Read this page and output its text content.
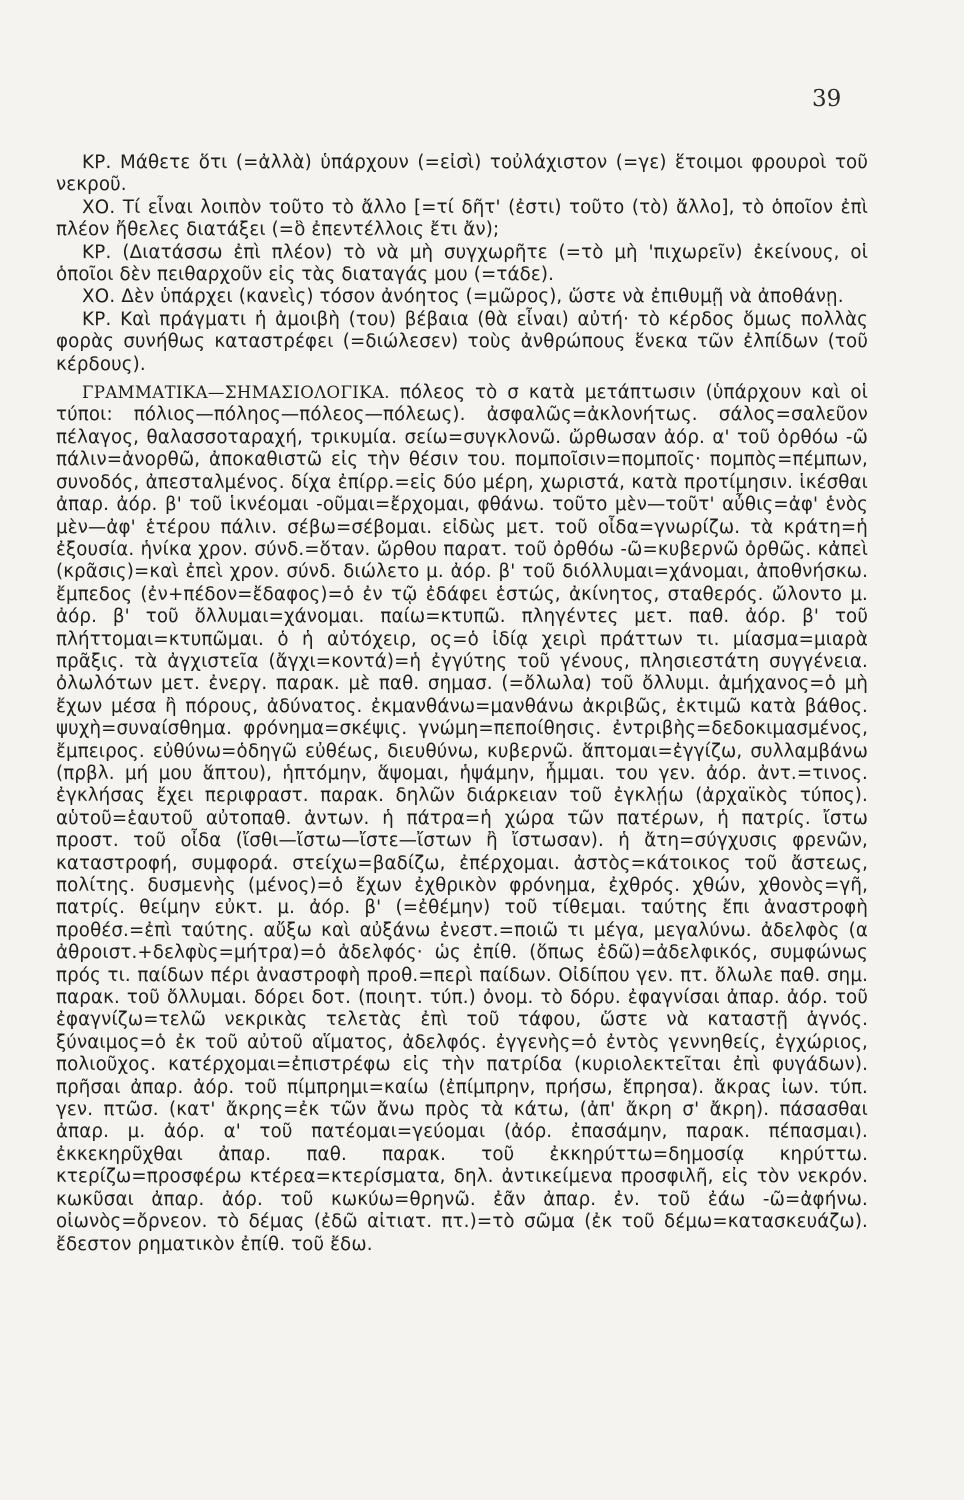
39

ΚΡ. Μάθετε ὅτι (=ἀλλὰ) ὑπάρχουν (=εἰσὶ) τοὐλάχιστον (=γε) ἕτοιμοι φρουροὶ τοῦ νεκροῦ.

ΧΟ. Τί εἶναι λοιπὸν τοῦτο τὸ ἄλλο [=τί δῆτ' (ἐστι) τοῦτο (τὸ) ἄλλο], τὸ ὁποῖον ἐπὶ πλέον ἤθελες διατάξει (=ὃ ἐπεντέλλοις ἔτι ἄν);

ΚΡ. (Διατάσσω ἐπὶ πλέον) τὸ νὰ μὴ συγχωρῆτε (=τὸ μὴ 'πιχωρεῖν) ἐκείνους, οἱ ὁποῖοι δὲν πειθαρχοῦν εἰς τὰς διαταγάς μου (=τάδε).

ΧΟ. Δὲν ὑπάρχει (κανεὶς) τόσον ἀνόητος (=μῶρος), ὥστε νὰ ἐπιθυμῇ νὰ ἀποθάνῃ.

ΚΡ. Καὶ πράγματι ἡ ἀμοιβὴ (του) βέβαια (θὰ εἶναι) αὐτή· τὸ κέρδος ὅμως πολλὰς φορὰς συνήθως καταστρέφει (=διώλεσεν) τοὺς ἀνθρώπους ἕνεκα τῶν ἐλπίδων (τοῦ κέρδους).

ΓΡΑΜΜΑΤΙΚΑ—ΣΗΜΑΣΙΟΛΟΓΙΚΑ. πόλεος τὸ σ κατὰ μετάπτωσιν (ὑπάρχουν καὶ οἱ τύποι: πόλιος—πόληος—πόλεος—πόλεως). ἀσφαλῶς=ἀκλονήτως. σάλος=σαλεῦον πέλαγος, θαλασσοταραχή, τρικυμία. σείω=συγκλονῶ. ὤρθωσαν ἀόρ. α' τοῦ ὀρθόω -ῶ πάλιν=ἀνορθῶ, ἀποκαθιστῶ εἰς τὴν θέσιν του. πομποῖσιν=πομποῖς· πομπὸς=πέμπων, συνοδός, ἀπεσταλμένος. δίχα ἐπίρρ.=εἰς δύο μέρη, χωριστά, κατὰ προτίμησιν. ἱκέσθαι ἀπαρ. ἀόρ. β' τοῦ ἱκνέομαι -οῦμαι=ἔρχομαι, φθάνω. τοῦτο μὲν—τοῦτ' αὖθις=ἀφ' ἑνὸς μὲν—ἀφ' ἑτέρου πάλιν. σέβω=σέβομαι. εἰδὼς μετ. τοῦ οἶδα=γνωρίζω. τὰ κράτη=ἡ ἐξουσία. ἡνίκα χρον. σύνδ.=ὅταν. ὤρθου παρατ. τοῦ ὀρθόω -ῶ=κυβερνῶ ὀρθῶς. κἀπεὶ (κρᾶσις)=καὶ ἐπεὶ χρον. σύνδ. διώλετο μ. ἀόρ. β' τοῦ διόλλυμαι=χάνομαι, ἀποθνήσκω. ἔμπεδος (ἐν+πέδον=ἔδαφος)=ὁ ἐν τῷ ἐδάφει ἑστώς, ἀκίνητος, σταθερός. ὤλοντο μ. ἀόρ. β' τοῦ ὄλλυμαι=χάνομαι. παίω=κτυπῶ. πληγέντες μετ. παθ. ἀόρ. β' τοῦ πλήττομαι=κτυπῶμαι. ὁ ἡ αὐτόχειρ, ος=ὁ ἰδίᾳ χειρὶ πράττων τι. μίασμα=μιαρὰ πρᾶξις. τὰ ἀγχιστεῖα (ἄγχι=κοντά)=ἡ ἐγγύτης τοῦ γένους, πλησιεστάτη συγγένεια. ὀλωλότων μετ. ἐνεργ. παρακ. μὲ παθ. σημασ. (=ὄλωλα) τοῦ ὄλλυμι. ἀμήχανος=ὁ μὴ ἔχων μέσα ἢ πόρους, ἀδύνατος. ἐκμανθάνω=μανθάνω ἀκριβῶς, ἐκτιμῶ κατὰ βάθος. ψυχὴ=συναίσθημα. φρόνημα=σκέψις. γνώμη=πεποίθησις. ἐντριβὴς=δεδοκιμασμένος, ἔμπειρος. εὐθύνω=ὁδηγῶ εὐθέως, διευθύνω, κυβερνῶ. ἅπτομαι=ἐγγίζω, συλλαμβάνω (πρβλ. μή μου ἅπτου), ἡπτόμην, ἅψομαι, ἡψάμην, ἧμμαι. του γεν. ἀόρ. ἀντ.=τινος. ἐγκλήσας ἔχει περιφραστ. παρακ. δηλῶν διάρκειαν τοῦ ἐγκλῄω (ἀρχαϊκὸς τύπος). αὑτοῦ=ἑαυτοῦ αὐτοπαθ. ἀντων. ἡ πάτρα=ἡ χώρα τῶν πατέρων, ἡ πατρίς. ἴστω προστ. τοῦ οἶδα (ἴσθι—ἴστω—ἴστε—ἴστων ἢ ἴστωσαν). ἡ ἄτη=σύγχυσις φρενῶν, καταστροφή, συμφορά. στείχω=βαδίζω, ἐπέρχομαι. ἀστὸς=κάτοικος τοῦ ἄστεως, πολίτης. δυσμενὴς (μένος)=ὁ ἔχων ἐχθρικὸν φρόνημα, ἐχθρός. χθών, χθονὸς=γῆ, πατρίς. θείμην εὐκτ. μ. ἀόρ. β' (=ἐθέμην) τοῦ τίθεμαι. ταύτης ἔπι ἀναστροφὴ προθέσ.=ἐπὶ ταύτης. αὔξω καὶ αὐξάνω ἐνεστ.=ποιῶ τι μέγα, μεγαλύνω. ἀδελφὸς (α ἀθροιστ.+δελφὺς=μήτρα)=ὁ ἀδελφός· ὡς ἐπίθ. (ὅπως ἐδῶ)=ἀδελφικός, συμφώνως πρός τι. παίδων πέρι ἀναστροφὴ προθ.=περὶ παίδων. Οἰδίπου γεν. πτ. ὄλωλε παθ. σημ. παρακ. τοῦ ὄλλυμαι. δόρει δοτ. (ποιητ. τύπ.) ὀνομ. τὸ δόρυ. ἐφαγνίσαι ἀπαρ. ἀόρ. τοῦ ἐφαγνίζω=τελῶ νεκρικὰς τελετὰς ἐπὶ τοῦ τάφου, ὥστε νὰ καταστῇ ἁγνός. ξύναιμος=ὁ ἐκ τοῦ αὐτοῦ αἵματος, ἀδελφός. ἐγγενὴς=ὁ ἐντὸς γεννηθείς, ἐγχώριος, πολιοῦχος. κατέρχομαι=ἐπιστρέφω εἰς τὴν πατρίδα (κυριολεκτεῖται ἐπὶ φυγάδων). πρῆσαι ἀπαρ. ἀόρ. τοῦ πίμπρημι=καίω (ἐπίμπρην, πρήσω, ἔπρησα). ἄκρας ἰων. τύπ. γεν. πτῶσ. (κατ' ἄκρης=ἐκ τῶν ἄνω πρὸς τὰ κάτω, (ἀπ' ἄκρη σ' ἄκρη). πάσασθαι ἀπαρ. μ. ἀόρ. α' τοῦ πατέομαι=γεύομαι (ἀόρ. ἐπασάμην, παρακ. πέπασμαι). ἐκκεκηρῦχθαι ἀπαρ. παθ. παρακ. τοῦ ἐκκηρύττω=δημοσίᾳ κηρύττω. κτερίζω=προσφέρω κτέρεα=κτερίσματα, δηλ. ἀντικείμενα προσφιλῆ, εἰς τὸν νεκρόν. κωκῦσαι ἀπαρ. ἀόρ. τοῦ κωκύω=θρηνῶ. ἐᾶν ἀπαρ. ἐν. τοῦ ἐάω -ῶ=ἀφήνω. οἰωνὸς=ὄρνεον. τὸ δέμας (ἐδῶ αἰτιατ. πτ.)=τὸ σῶμα (ἐκ τοῦ δέμω=κατασκευάζω). ἔδεστον ρηματικὸν ἐπίθ. τοῦ ἔδω.
